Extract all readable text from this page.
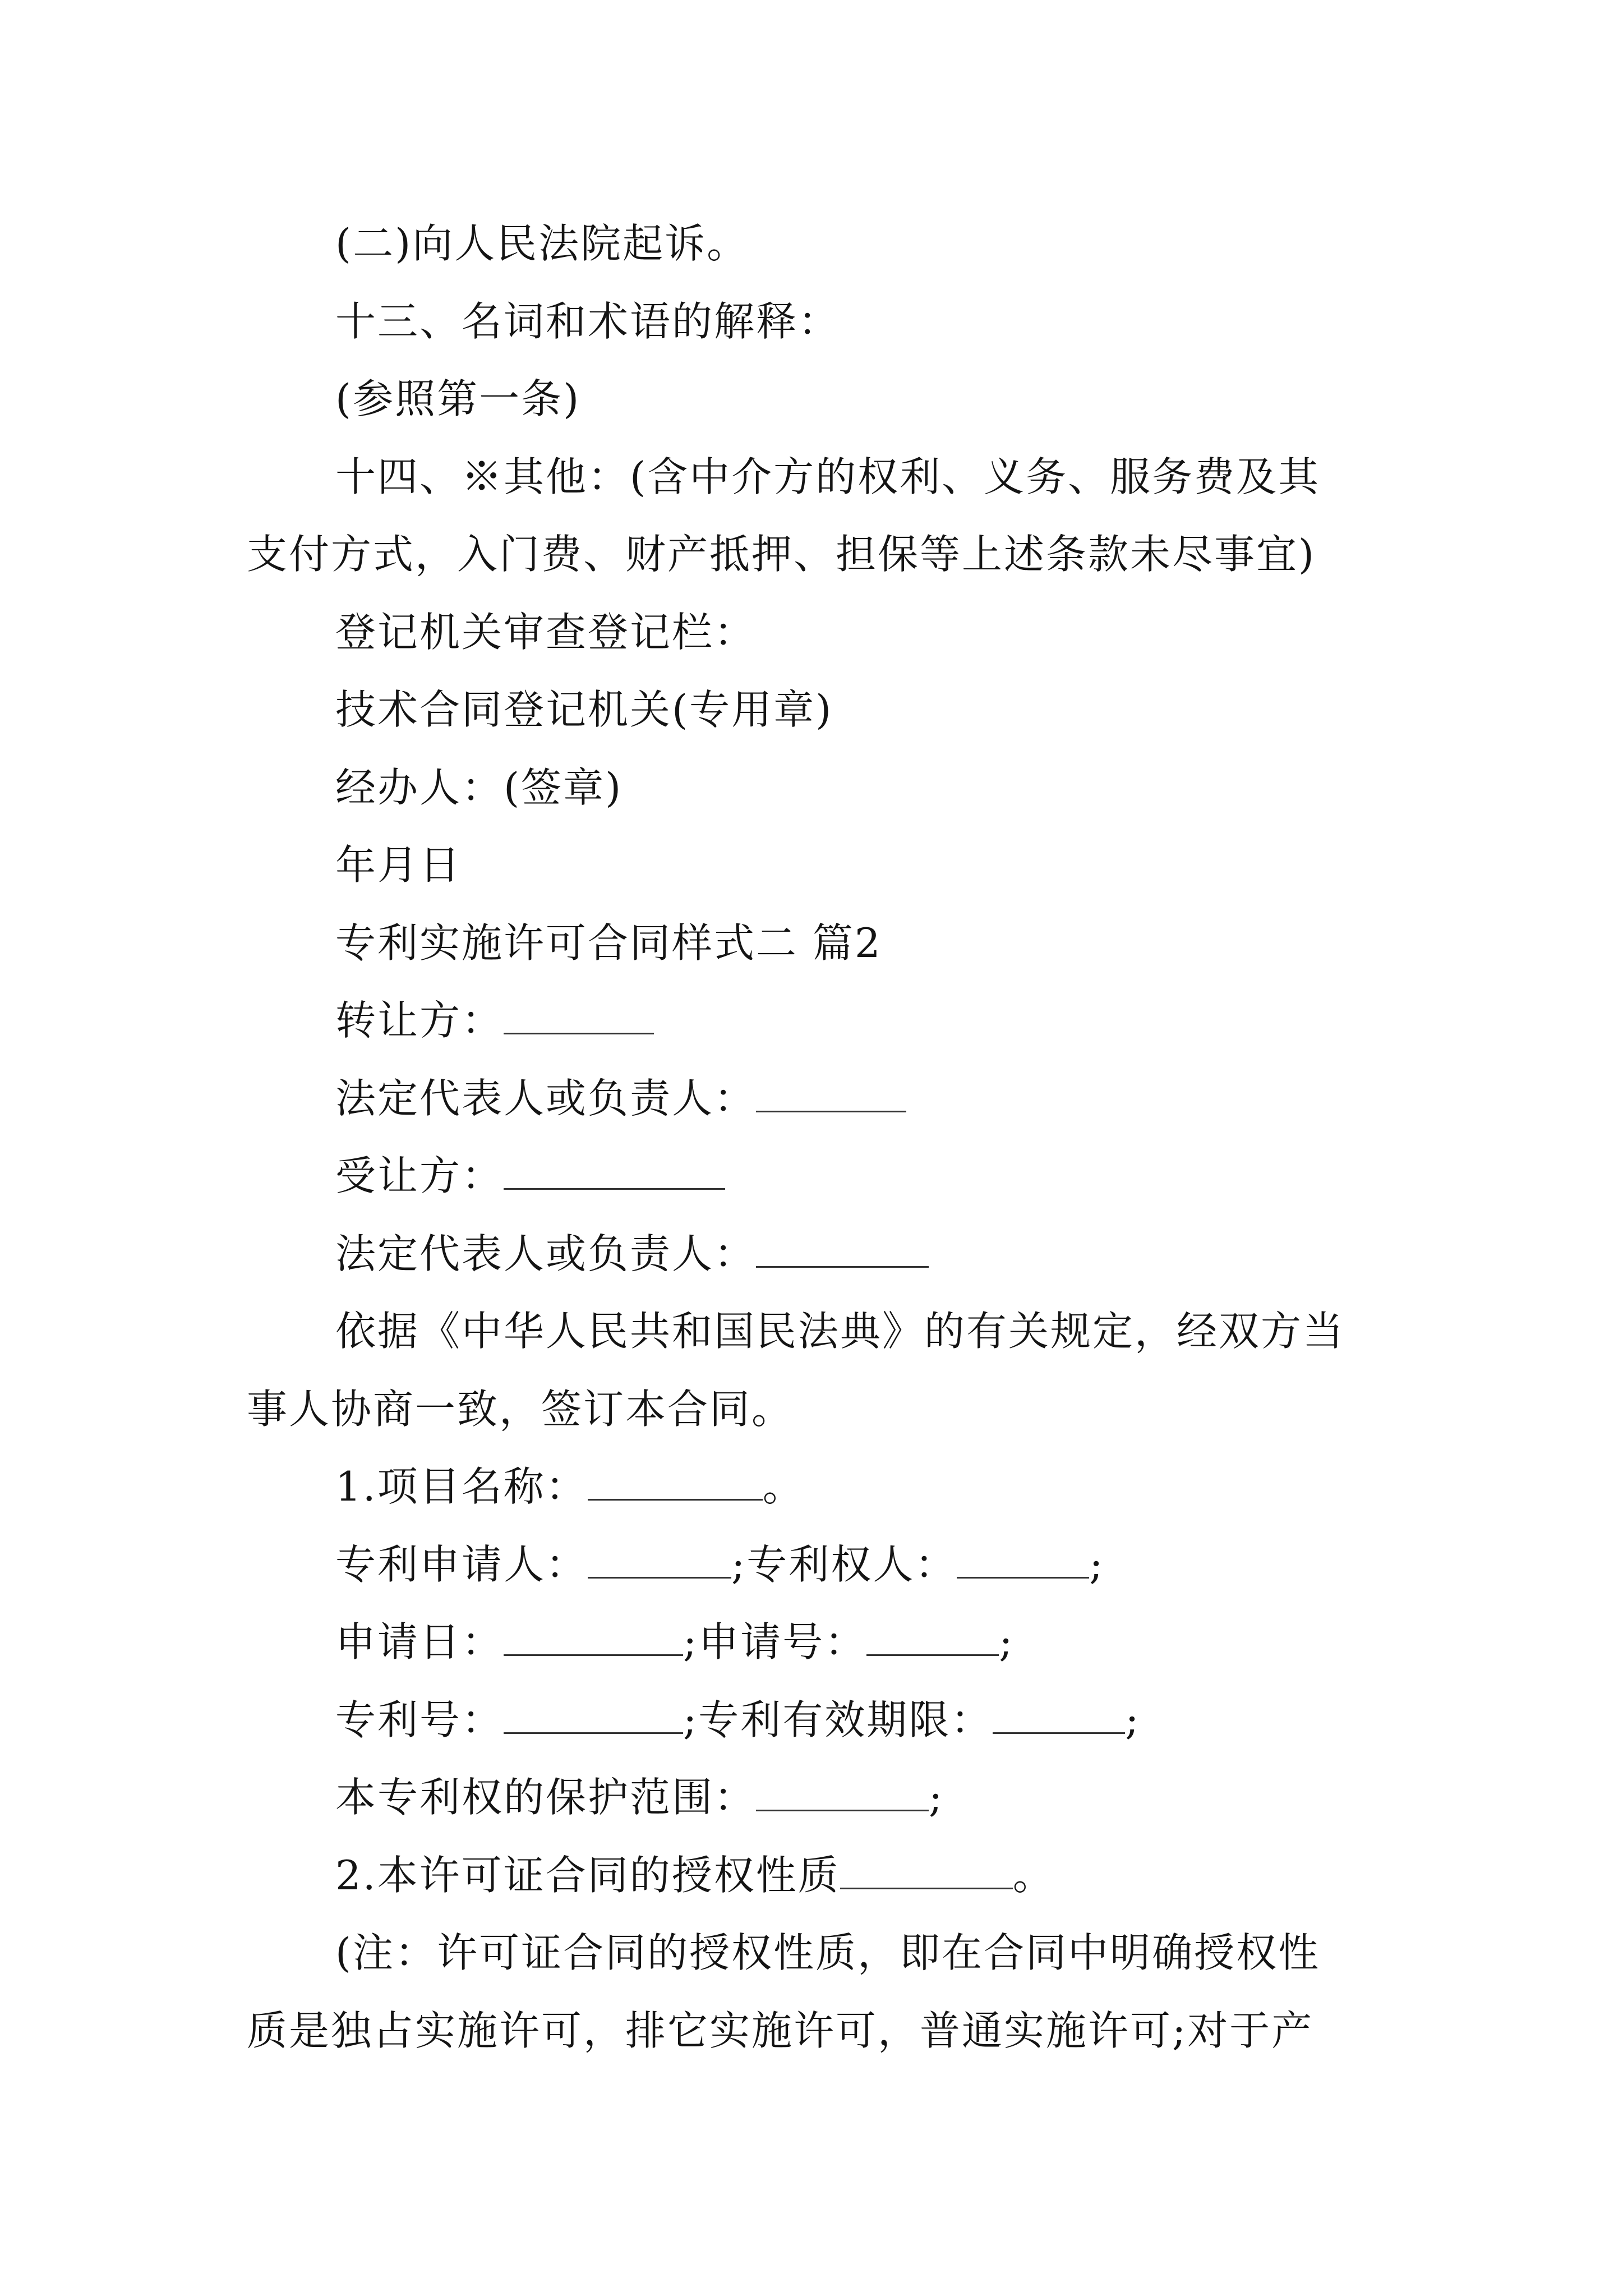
(二)向人民法院起诉。
十三、名词和术语的解释：
(参照第一条)
十四、※其他：(含中介方的权利、义务、服务费及其
支付方式，入门费、财产抵押、担保等上述条款未尽事宜)
登记机关审查登记栏：
技术合同登记机关(专用章)
经办人：(签章)
年月日
专利实施许可合同样式二 篇2
转让方：
法定代表人或负责人：
受让方：
法定代表人或负责人：
依据《中华人民共和国民法典》的有关规定，经双方当
事人协商一致，签订本合同。
1.项目名称：	。
专利申请人：	;专利权人：	;
申请日：	;申请号：	;
专利号：	;专利有效期限：	;
本专利权的保护范围：	;
2.本许可证合同的授权性质	。
(注：许可证合同的授权性质，即在合同中明确授权性
质是独占实施许可，排它实施许可，普通实施许可;对于产
